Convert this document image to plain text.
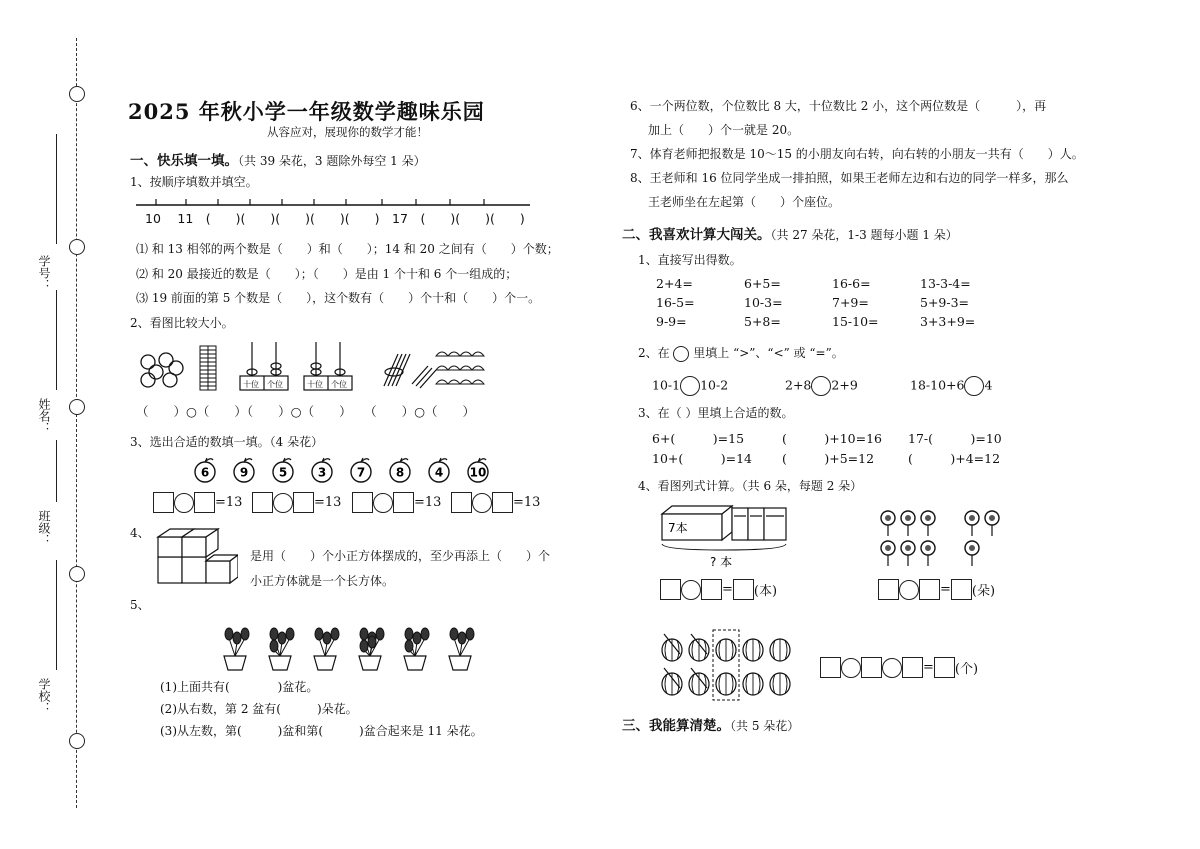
学号：
姓名：
班级：
学校：
2025 年秋小学一年级数学趣味乐园
从容应对，展现你的数学才能！
一、快乐填一填。（共 39 朵花，3 题除外每空 1 朵）
1、按顺序填数并填空。
10　 11　(　　)(　　)(　　)(　　)(　　)　17　(　　)(　　)(　　)
⑴ 和 13 相邻的两个数是（　　）和（　　）；14 和 20 之间有（　　）个数；
⑵ 和 20 最接近的数是（　　）；（　　）是由 1 个十和 6 个一组成的；
⑶ 19 前面的第 5 个数是（　　），这个数有（　　）个十和（　　）个一。
2、看图比较大小。
十位 个位	十位 个位
（　　）○（　　）（　　）○（　　）　　（　　）○（　　）
3、选出合适的数填一填。（4 朵花）
6	9	5	3	7	8	4 10
=13	=13	=13	=13
4、
是用（　　）个小正方体摆成的，至少再添上（　　）个
小正方体就是一个长方体。
5、
(1)上面共有(　　　　)盆花。
(2)从右数，第 2 盆有(　　　)朵花。
(3)从左数，第(　　　)盆和第(　　　)盆合起来是 11 朵花。
6、一个两位数，个位数比 8 大，十位数比 2 小，这个两位数是（　　　），再
加上（　　）个一就是 20。
7、体育老师把报数是 10～15 的小朋友向右转，向右转的小朋友一共有（　　）人。
8、王老师和 16 位同学坐成一排拍照，如果王老师左边和右边的同学一样多，那么
王老师坐在左起第（　　）个座位。
二、我喜欢计算大闯关。（共 27 朵花，1-3 题每小题 1 朵）
1、直接写出得数。
2+4=	6+5=	16-6=	13-3-4=
16-5=	10-3=	7+9=	5+9-3=
9-9=	5+8=	15-10=	3+3+9=
2、在 里填上 “>”、“<” 或 “=”。
10-1 10-2	2+8 2+9	18-10+6 4
3、在（ ）里填上合适的数。
6+(　　　)=15	(　　　)+10=16 17-(　　　)=10
10+(　　　)=14 (　　　)+5=12	(　　　)+4=12
4、看图列式计算。（共 6 朵，每题 2 朵）
7本
? 本
= (本)	= (朵)
= (个)
三、我能算清楚。（共 5 朵花）
